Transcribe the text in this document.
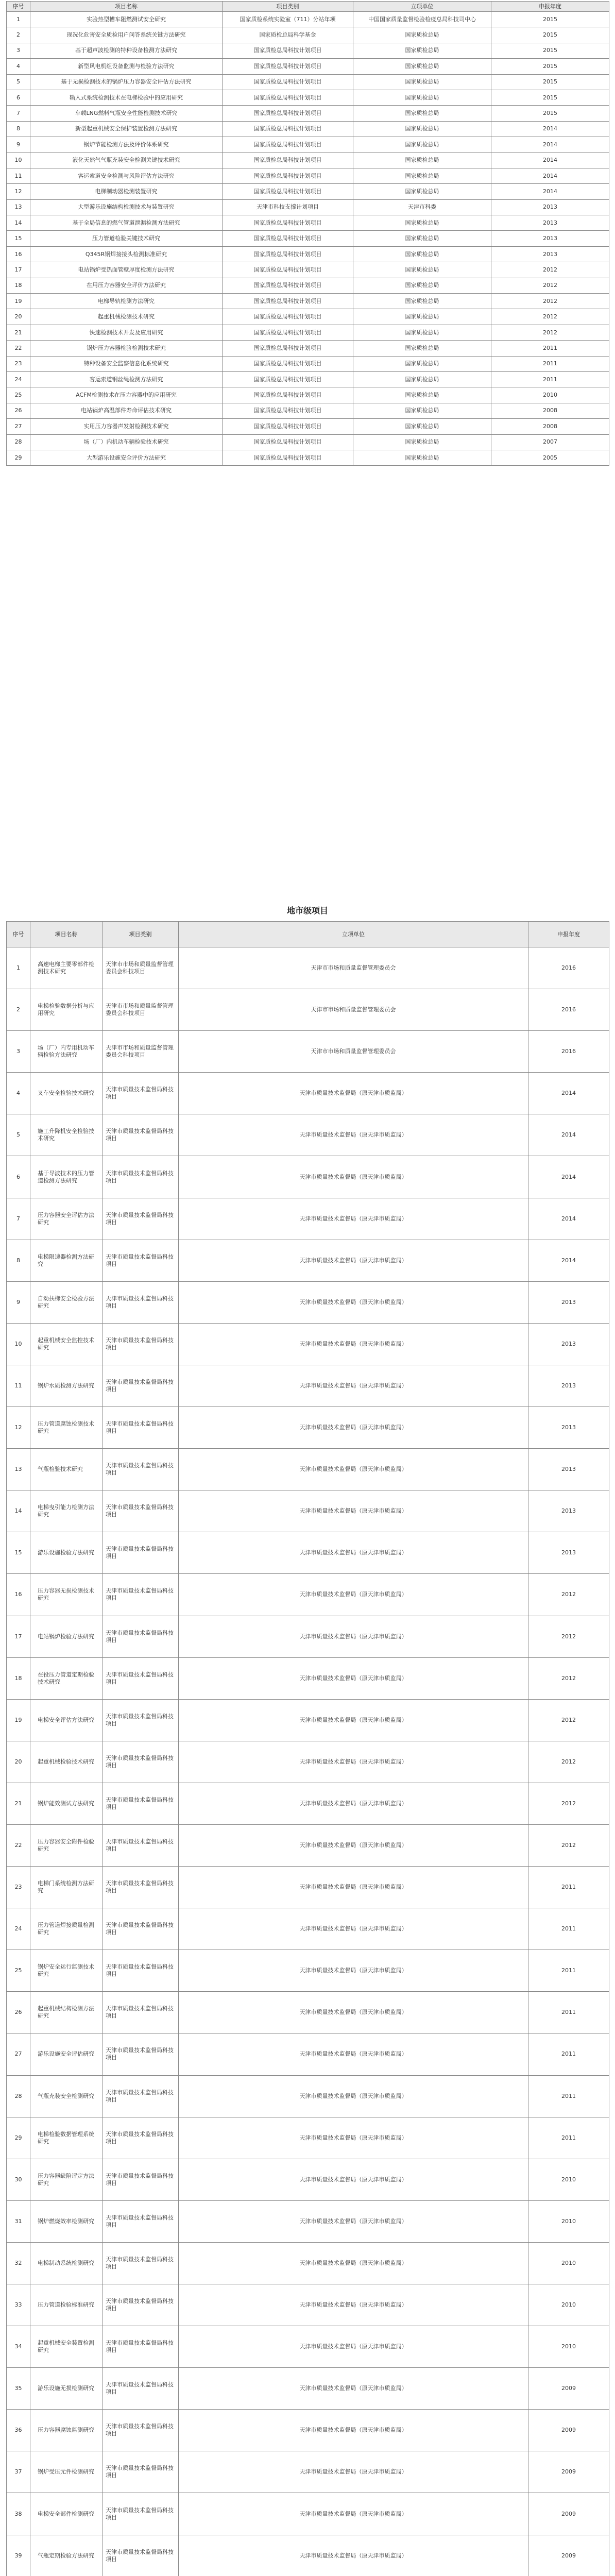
序号	项目名称	项目类别	立项单位	申报年度
1	实验热型槽车阻燃测试安全研究	国家质检系统实验室（711）分站年项	中国国家质量监督检验检疫总局科技司中心	2015
2	现况化危害安全质检用户问答系统关键方法研究	国家质检总局科学基金	国家质检总局	2015
3	基于超声波检测的特种设备检测方法研究	国家质检总局科技计划项目	国家质检总局	2015
4	新型风电机组设备监测与检验方法研究	国家质检总局科技计划项目	国家质检总局	2015
5	基于无损检测技术的锅炉压力容器安全评估方法研究	国家质检总局科技计划项目	国家质检总局	2015
6	输入式系统检测技术在电梯检验中的应用研究	国家质检总局科技计划项目	国家质检总局	2015
7	车载LNG燃料气瓶安全性能检测技术研究	国家质检总局科技计划项目	国家质检总局	2015
8	新型起重机械安全保护装置检测方法研究	国家质检总局科技计划项目	国家质检总局	2014
9	锅炉节能检测方法及评价体系研究	国家质检总局科技计划项目	国家质检总局	2014
10	液化天然气气瓶充装安全检测关键技术研究	国家质检总局科技计划项目	国家质检总局	2014
11	客运索道安全检测与风险评估方法研究	国家质检总局科技计划项目	国家质检总局	2014
12	电梯制动器检测装置研究	国家质检总局科技计划项目	国家质检总局	2014
13	大型游乐设施结构检测技术与装置研究	天津市科技支撑计划项目	天津市科委	2013
14	基于全局信息的燃气管道泄漏检测方法研究	国家质检总局科技计划项目	国家质检总局	2013
15	压力管道检验关键技术研究	国家质检总局科技计划项目	国家质检总局	2013
16	Q345R钢焊接接头检测标准研究	国家质检总局科技计划项目	国家质检总局	2013
17	电站锅炉受热面管壁厚度检测方法研究	国家质检总局科技计划项目	国家质检总局	2012
18	在用压力容器安全评价方法研究	国家质检总局科技计划项目	国家质检总局	2012
19	电梯导轨检测方法研究	国家质检总局科技计划项目	国家质检总局	2012
20	起重机械检测技术研究	国家质检总局科技计划项目	国家质检总局	2012
21	快速检测技术开发及应用研究	国家质检总局科技计划项目	国家质检总局	2012
22	锅炉压力容器检验检测技术研究	国家质检总局科技计划项目	国家质检总局	2011
23	特种设备安全监察信息化系统研究	国家质检总局科技计划项目	国家质检总局	2011
24	客运索道钢丝绳检测方法研究	国家质检总局科技计划项目	国家质检总局	2011
25	ACFM检测技术在压力容器中的应用研究	国家质检总局科技计划项目	国家质检总局	2010
26	电站锅炉高温部件寿命评估技术研究	国家质检总局科技计划项目	国家质检总局	2008
27	实用压力容器声发射检测技术研究	国家质检总局科技计划项目	国家质检总局	2008
28	场（厂）内机动车辆检验技术研究	国家质检总局科技计划项目	国家质检总局	2007
29	大型游乐设施安全评价方法研究	国家质检总局科技计划项目	国家质检总局	2005
地市级项目
序号	项目名称	项目类别	立项单位	申报年度
1	高速电梯主要零部件检测技术研究	天津市市场和质量监督管理委员会科技项目	天津市市场和质量监督管理委员会	2016
2	电梯检验数据分析与应用研究	天津市市场和质量监督管理委员会科技项目	天津市市场和质量监督管理委员会	2016
3	场（厂）内专用机动车辆检验方法研究	天津市市场和质量监督管理委员会科技项目	天津市市场和质量监督管理委员会	2016
4	叉车安全检验技术研究	天津市质量技术监督局科技项目	天津市质量技术监督局（原天津市质监局）	2014
5	施工升降机安全检验技术研究	天津市质量技术监督局科技项目	天津市质量技术监督局（原天津市质监局）	2014
6	基于导波技术的压力管道检测方法研究	天津市质量技术监督局科技项目	天津市质量技术监督局（原天津市质监局）	2014
7	压力容器安全评估方法研究	天津市质量技术监督局科技项目	天津市质量技术监督局（原天津市质监局）	2014
8	电梯限速器检测方法研究	天津市质量技术监督局科技项目	天津市质量技术监督局（原天津市质监局）	2014
9	自动扶梯安全检验方法研究	天津市质量技术监督局科技项目	天津市质量技术监督局（原天津市质监局）	2013
10	起重机械安全监控技术研究	天津市质量技术监督局科技项目	天津市质量技术监督局（原天津市质监局）	2013
11	锅炉水质检测方法研究	天津市质量技术监督局科技项目	天津市质量技术监督局（原天津市质监局）	2013
12	压力管道腐蚀检测技术研究	天津市质量技术监督局科技项目	天津市质量技术监督局（原天津市质监局）	2013
13	气瓶检验技术研究	天津市质量技术监督局科技项目	天津市质量技术监督局（原天津市质监局）	2013
14	电梯曳引能力检测方法研究	天津市质量技术监督局科技项目	天津市质量技术监督局（原天津市质监局）	2013
15	游乐设施检验方法研究	天津市质量技术监督局科技项目	天津市质量技术监督局（原天津市质监局）	2013
16	压力容器无损检测技术研究	天津市质量技术监督局科技项目	天津市质量技术监督局（原天津市质监局）	2012
17	电站锅炉检验方法研究	天津市质量技术监督局科技项目	天津市质量技术监督局（原天津市质监局）	2012
18	在役压力管道定期检验技术研究	天津市质量技术监督局科技项目	天津市质量技术监督局（原天津市质监局）	2012
19	电梯安全评估方法研究	天津市质量技术监督局科技项目	天津市质量技术监督局（原天津市质监局）	2012
20	起重机械检验技术研究	天津市质量技术监督局科技项目	天津市质量技术监督局（原天津市质监局）	2012
21	锅炉能效测试方法研究	天津市质量技术监督局科技项目	天津市质量技术监督局（原天津市质监局）	2012
22	压力容器安全附件检验研究	天津市质量技术监督局科技项目	天津市质量技术监督局（原天津市质监局）	2012
23	电梯门系统检测方法研究	天津市质量技术监督局科技项目	天津市质量技术监督局（原天津市质监局）	2011
24	压力管道焊接质量检测研究	天津市质量技术监督局科技项目	天津市质量技术监督局（原天津市质监局）	2011
25	锅炉安全运行监测技术研究	天津市质量技术监督局科技项目	天津市质量技术监督局（原天津市质监局）	2011
26	起重机械结构检测方法研究	天津市质量技术监督局科技项目	天津市质量技术监督局（原天津市质监局）	2011
27	游乐设施安全评估研究	天津市质量技术监督局科技项目	天津市质量技术监督局（原天津市质监局）	2011
28	气瓶充装安全检测研究	天津市质量技术监督局科技项目	天津市质量技术监督局（原天津市质监局）	2011
29	电梯检验数据管理系统研究	天津市质量技术监督局科技项目	天津市质量技术监督局（原天津市质监局）	2011
30	压力容器缺陷评定方法研究	天津市质量技术监督局科技项目	天津市质量技术监督局（原天津市质监局）	2010
31	锅炉燃烧效率检测研究	天津市质量技术监督局科技项目	天津市质量技术监督局（原天津市质监局）	2010
32	电梯制动系统检测研究	天津市质量技术监督局科技项目	天津市质量技术监督局（原天津市质监局）	2010
33	压力管道检验标准研究	天津市质量技术监督局科技项目	天津市质量技术监督局（原天津市质监局）	2010
34	起重机械安全装置检测研究	天津市质量技术监督局科技项目	天津市质量技术监督局（原天津市质监局）	2010
35	游乐设施无损检测研究	天津市质量技术监督局科技项目	天津市质量技术监督局（原天津市质监局）	2009
36	压力容器腐蚀监测研究	天津市质量技术监督局科技项目	天津市质量技术监督局（原天津市质监局）	2009
37	锅炉受压元件检测研究	天津市质量技术监督局科技项目	天津市质量技术监督局（原天津市质监局）	2009
38	电梯安全部件检测研究	天津市质量技术监督局科技项目	天津市质量技术监督局（原天津市质监局）	2009
39	气瓶定期检验方法研究	天津市质量技术监督局科技项目	天津市质量技术监督局（原天津市质监局）	2009
